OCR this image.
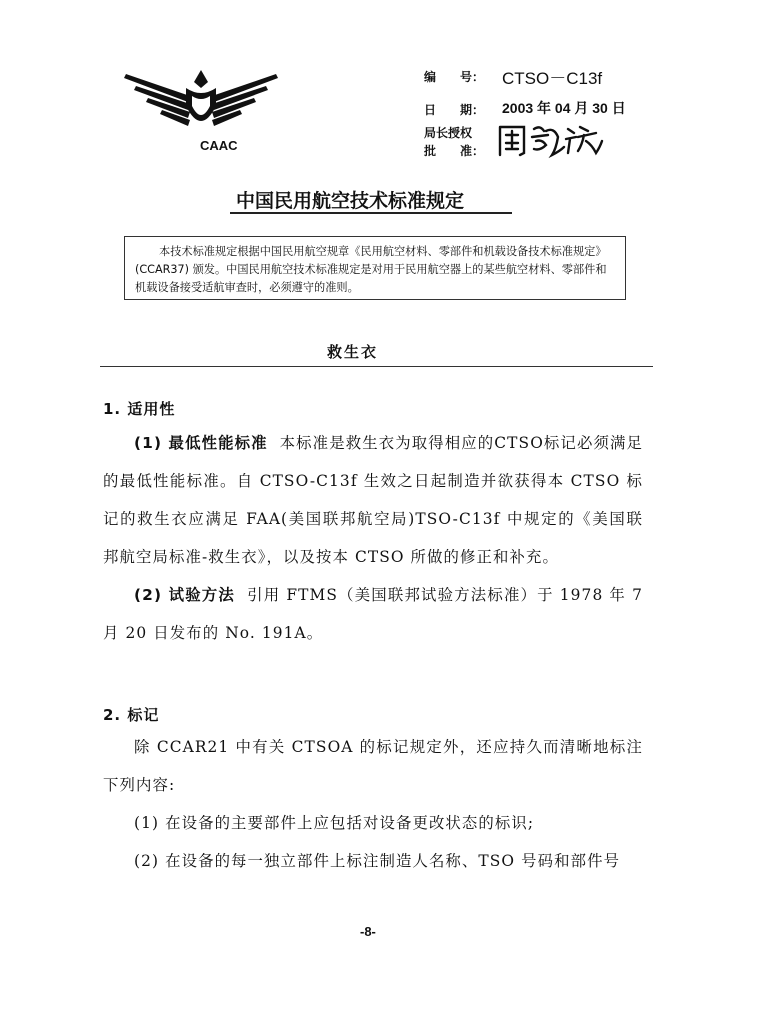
CAAC
编　　号： CTSO－C13f
日　　期： 2003 年 04 月 30 日
局长授权
批　　准：
中国民用航空技术标准规定
本技术标准规定根据中国民用航空规章《民用航空材料、零部件和机载设备技术标准规定》(CCAR37) 颁发。中国民用航空技术标准规定是对用于民用航空器上的某些航空材料、零部件和机载设备接受适航审查时，必须遵守的准则。
救生衣
1. 适用性
(1) 最低性能标准 本标准是救生衣为取得相应的CTSO标记必须满足的最低性能标准。自 CTSO-C13f 生效之日起制造并欲获得本 CTSO 标记的救生衣应满足 FAA(美国联邦航空局)TSO-C13f 中规定的《美国联邦航空局标准-救生衣》，以及按本 CTSO 所做的修正和补充。
(2) 试验方法 引用 FTMS（美国联邦试验方法标准）于 1978 年 7 月 20 日发布的 No. 191A。
2. 标记
除 CCAR21 中有关 CTSOA 的标记规定外，还应持久而清晰地标注下列内容:
(1) 在设备的主要部件上应包括对设备更改状态的标识;
(2) 在设备的每一独立部件上标注制造人名称、TSO 号码和部件号
-8-
